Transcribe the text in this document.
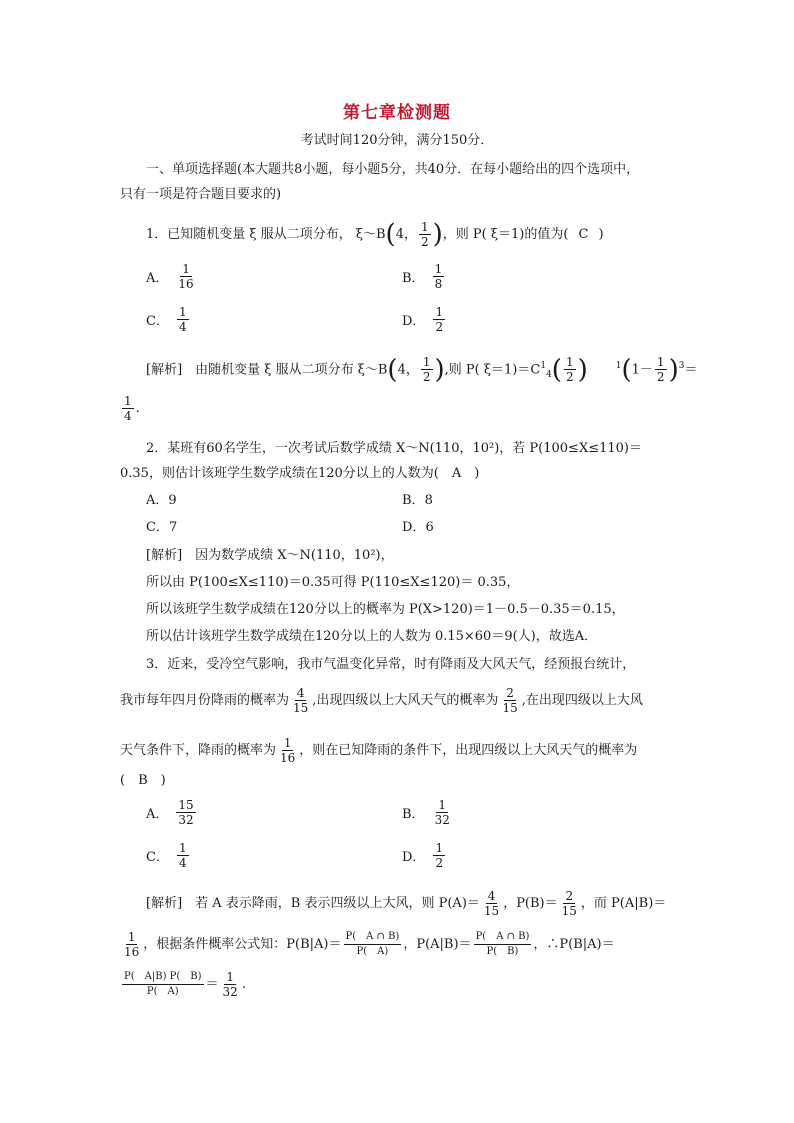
第七章检测题
考试时间120分钟，满分150分．
一、单项选择题(本大题共8小题，每小题5分，共40分．在每小题给出的四个选项中，
只有一项是符合题目要求的)
1．已知随机变量 ξ 服从二项分布， ξ～B(4， $\frac{1}{2}$ )，则 P( ξ＝1)的值为( C )
A． $\frac{1}{16}$	B． $\frac{1}{8}$
C． $\frac{1}{4}$	D． $\frac{1}{2}$
[解析]　由随机变量 ξ 服从二项分布 ξ～B(4， $\frac{1}{2}$ ),则 P( $\xi=1)=C^1_4( \frac{1}{2}$ )	$^1(1- \frac{1}{2} )^3=$
$\frac{1}{4}$ .
2．某班有60名学生，一次考试后数学成绩 X～N(110，10²)，若 P(100≤X≤110)＝
0.35，则估计该班学生数学成绩在120分以上的人数为(　A　)
A．9	B．8
C．7	D．6
[解析]　因为数学成绩 X～N(110，10²)，
所以由 P(100≤X≤110)＝0.35可得 P(110≤X≤120)＝ 0.35，
所以该班学生数学成绩在120分以上的概率为 P(X>120)＝1－0.5－0.35＝0.15，
所以估计该班学生数学成绩在120分以上的人数为 0.15×60＝9(人)，故选A．
3．近来，受冷空气影响，我市气温变化异常，时有降雨及大风天气，经预报台统计，
我市每年四月份降雨的概率为 $\frac{4}{15}$ ,出现四级以上大风天气的概率为 $\frac{2}{15}$ ,在出现四级以上大风
天气条件下，降雨的概率为 $\frac{1}{16}$ ，则在已知降雨的条件下，出现四级以上大风天气的概率为
(　B　)
A． $\frac{15}{32}$	B． $\frac{1}{32}$
C． $\frac{1}{4}$	D． $\frac{1}{2}$
[解析]　若 A 表示降雨，B 表示四级以上大风，则 $P(A)= \frac{4}{15}$ ，$P(B)= \frac{2}{15}$ ，而 P(A|B)＝
$\frac{1}{16}$ ，根据条件概率公式知：$P(B|A)= \frac{P( A \cap B)}{P( A)}$ ，$P(A|B)= \frac{P( A \cap B)}{P( B)}$ ，∴P(B|A)＝
$\frac{P( A|B) P( B)}{P( A)} = \frac{1}{32}$ .
